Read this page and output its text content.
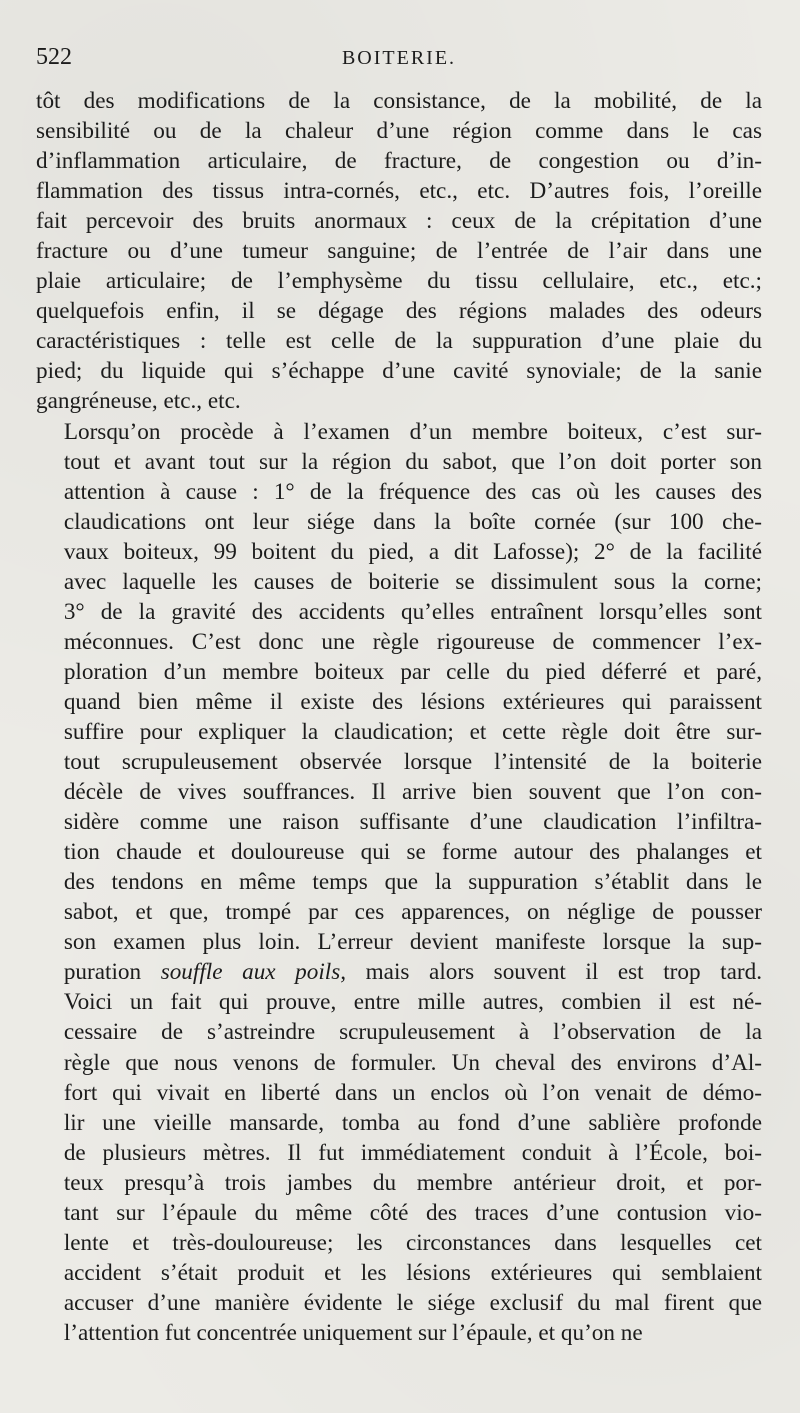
522	BOITERIE.

tôt des modifications de la consistance, de la mobilité, de la
sensibilité ou de la chaleur d’une région comme dans le cas
d’inflammation articulaire, de fracture, de congestion ou d’in-
flammation des tissus intra-cornés, etc., etc. D’autres fois, l’oreille
fait percevoir des bruits anormaux : ceux de la crépitation d’une
fracture ou d’une tumeur sanguine; de l’entrée de l’air dans une
plaie articulaire; de l’emphysème du tissu cellulaire, etc., etc.;
quelquefois enfin, il se dégage des régions malades des odeurs
caractéristiques : telle est celle de la suppuration d’une plaie du
pied; du liquide qui s’échappe d’une cavité synoviale; de la sanie
gangréneuse, etc., etc.

Lorsqu’on procède à l’examen d’un membre boiteux, c’est sur-
tout et avant tout sur la région du sabot, que l’on doit porter son
attention à cause : 1° de la fréquence des cas où les causes des
claudications ont leur siége dans la boîte cornée (sur 100 che-
vaux boiteux, 99 boitent du pied, a dit Lafosse); 2° de la facilité
avec laquelle les causes de boiterie se dissimulent sous la corne;
3° de la gravité des accidents qu’elles entraînent lorsqu’elles sont
méconnues. C’est donc une règle rigoureuse de commencer l’ex-
ploration d’un membre boiteux par celle du pied déferré et paré,
quand bien même il existe des lésions extérieures qui paraissent
suffire pour expliquer la claudication; et cette règle doit être sur-
tout scrupuleusement observée lorsque l’intensité de la boiterie
décèle de vives souffrances. Il arrive bien souvent que l’on con-
sidère comme une raison suffisante d’une claudication l’infiltra-
tion chaude et douloureuse qui se forme autour des phalanges et
des tendons en même temps que la suppuration s’établit dans le
sabot, et que, trompé par ces apparences, on néglige de pousser
son examen plus loin. L’erreur devient manifeste lorsque la sup-
puration souffle aux poils, mais alors souvent il est trop tard.
Voici un fait qui prouve, entre mille autres, combien il est né-
cessaire de s’astreindre scrupuleusement à l’observation de la
règle que nous venons de formuler. Un cheval des environs d’Al-
fort qui vivait en liberté dans un enclos où l’on venait de démo-
lir une vieille mansarde, tomba au fond d’une sablière profonde
de plusieurs mètres. Il fut immédiatement conduit à l’École, boi-
teux presqu’à trois jambes du membre antérieur droit, et por-
tant sur l’épaule du même côté des traces d’une contusion vio-
lente et très-douloureuse; les circonstances dans lesquelles cet
accident s’était produit et les lésions extérieures qui semblaient
accuser d’une manière évidente le siége exclusif du mal firent que
l’attention fut concentrée uniquement sur l’épaule, et qu’on ne
